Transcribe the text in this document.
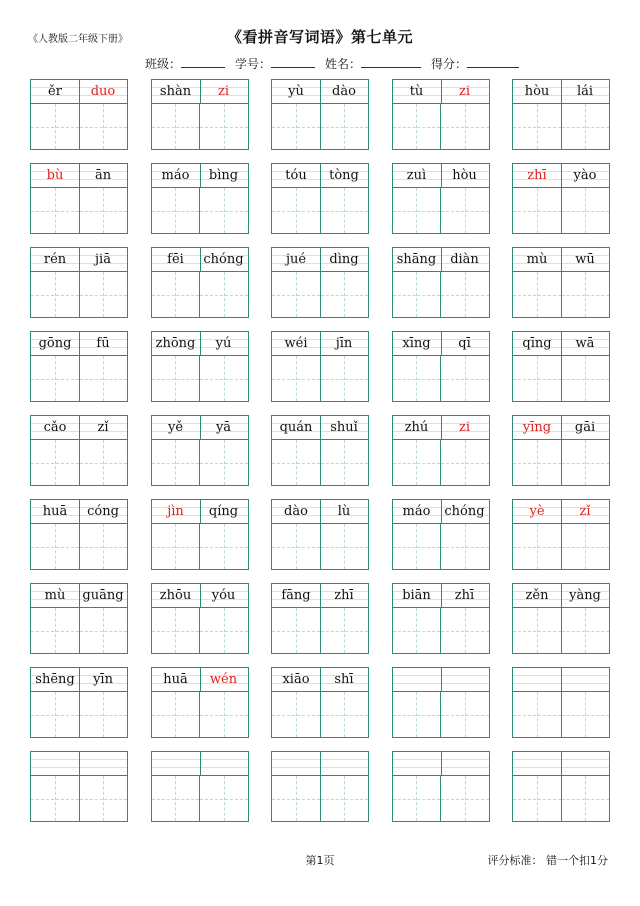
《人教版二年级下册》	《看拼音写词语》第七单元
班级：	学号：	姓名：	得分：
ěr	duo	shàn	zi	yù	dào	tù	zi	hòu	lái
bù	ān	máo	bìng	tóu	tòng	zuì	hòu	zhī	yào
rén	jiā	fēi	chóng	jué	dìng	shāng	diàn	mù	wū
gōng	fū	zhōng	yú	wéi	jīn	xīng	qī	qīng	wā
cǎo	zǐ	yě	yā	quán	shuǐ	zhú	zi	yīng	gāi
huā	cóng	jìn	qíng	dào	lù	máo	chóng	yè	zǐ
mù	guāng	zhōu	yóu	fāng	zhī	biān	zhī	zěn	yàng
shēng	yīn	huā	wén	xiāo	shī
第1页	评分标准： 错一个扣1分
